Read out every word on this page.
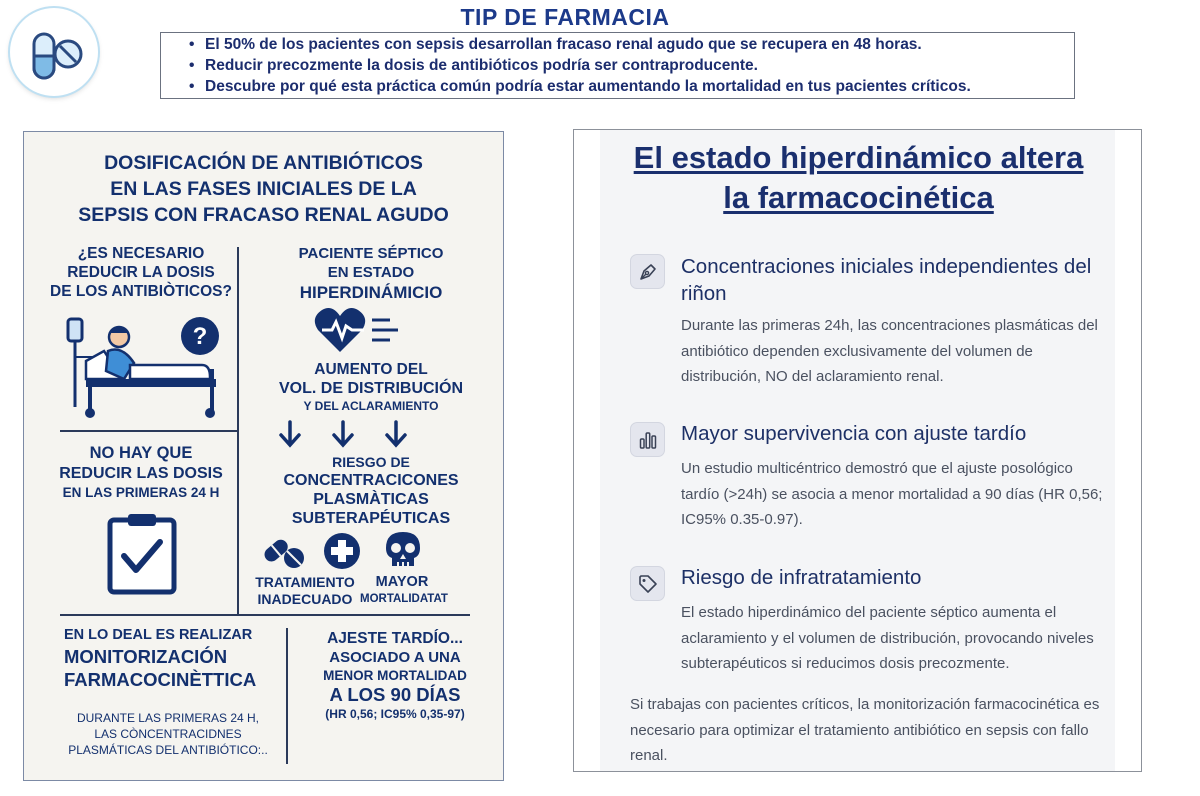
TIP DE FARMACIA
• El 50% de los pacientes con sepsis desarrollan fracaso renal agudo que se recupera en 48 horas.
• Reducir precozmente la dosis de antibióticos podría ser contraproducente.
• Descubre por qué esta práctica común podría estar aumentando la mortalidad en tus pacientes críticos.
DOSIFICACIÓN DE ANTIBIÓTICOS
EN LAS FASES INICIALES DE LA
SEPSIS CON FRACASO RENAL AGUDO
¿ES NECESARIO
REDUCIR LA DOSIS
DE LOS ANTIBIÒTICOS?
?
PACIENTE SÉPTICO
EN ESTADO
HIPERDINÁMICIO
AUMENTO DEL
VOL. DE DISTRIBUCIÓN
Y DEL ACLARAMIENTO
NO HAY QUE
REDUCIR LAS DOSIS
EN LAS PRIMERAS 24 H
RIESGO DE
CONCENTRACICONES
PLASMÀTICAS
SUBTERAPÉUTICAS
TRATAMIENTO
INADECUADO
MAYOR
MORTALIDATAT
EN LO DEAL ES REALIZAR
MONITORIZACIÓN
FARMACOCINÈTTICA
DURANTE LAS PRIMERAS 24 H,
LAS CÒNCENTRACIDNES
PLASMÁTICAS DEL ANTIBIÓTICO:..
AJESTE TARDÍO...
ASOCIADO A UNA
MENOR MORTALIDAD
A LOS 90 DÍAS
(HR 0,56; IC95% 0,35-97)
El estado hiperdinámico altera
la farmacocinética
Concentraciones iniciales independientes del riñon
Durante las primeras 24h, las concentraciones plasmáticas del antibiótico dependen exclusivamente del volumen de distribución, NO del aclaramiento renal.
Mayor supervivencia con ajuste tardío
Un estudio multicéntrico demostró que el ajuste posológico tardío (>24h) se asocia a menor mortalidad a 90 días (HR 0,56; IC95% 0.35-0.97).
Riesgo de infratratamiento
El estado hiperdinámico del paciente séptico aumenta el aclaramiento y el volumen de distribución, provocando niveles subterapéuticos si reducimos dosis precozmente.
Si trabajas con pacientes críticos, la monitorización farmacocinética es necesario para optimizar el tratamiento antibiótico en sepsis con fallo renal.
